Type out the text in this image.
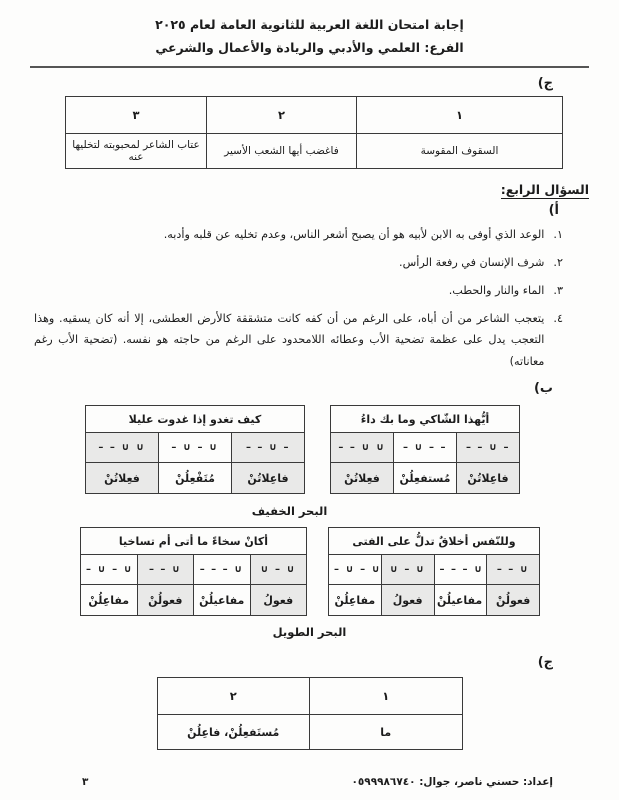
إجابة امتحان اللغة العربية للثانوية العامة لعام ٢٠٢٥
الفرع: العلمي والأدبي والريادة والأعمال والشرعي
ج)
١	٢	٣
السقوف المقوسة	فاغضب أيها الشعب الأسير	عتاب الشاعر لمحبوبته لتخليها عنه
السؤال الرابع:
أ)
١.
الوعد الذي أوفى به الابن لأبيه هو أن يصبح أشعر الناس، وعدم تخليه عن قلبه وأدبه.
٢.
شرف الإنسان في رفعة الرأس.
٣.
الماء والنار والحطب.
٤.
يتعجب الشاعر من أن أباه، على الرغم من أن كفه كانت متشققة كالأرض العطشى، إلا أنه كان يسقيه. وهذا التعجب يدل على عظمة تضحية الأب وعطائه اللامحدود على الرغم من حاجته هو نفسه. (تضحية الأب رغم معاناته)
ب)
أيُّهذا الشّاكي وما بك داءُ		
– – ∪ –	– ∪ – –	– – ∪ ∪
فاعِلاتُنْ	مُستفعِلُنْ	فعِلاتُنْ
كيف تغدو إذا غدوت عليلا		
– – ∪ –	– ∪ – ∪	– – ∪ ∪
فاعِلاتُنْ	مُتَفْعِلُنْ	فعِلاتُنْ
البحر الخفيف
وللنّفس أخلاقٌ تدلُّ على الفتى			
– – ∪	– – – ∪	∪ – ∪	– ∪ – ∪
فعولُنْ	مفاعيلُنْ	فعولُ	مفاعِلُنْ
أكانْ سخاءً ما أتى أم تساخيا			
∪ – ∪	– – – ∪	– – ∪	– ∪ – ∪
فعولُ	مفاعيلُنْ	فعولُنْ	مفاعِلُنْ
البحر الطويل
ج)
١	٢
ما	مُستَفعِلُنْ، فاعِلُنْ
إعداد: حسني ناصر، جوال: ٠٥٩٩٩٨٦٧٤٠
٣
